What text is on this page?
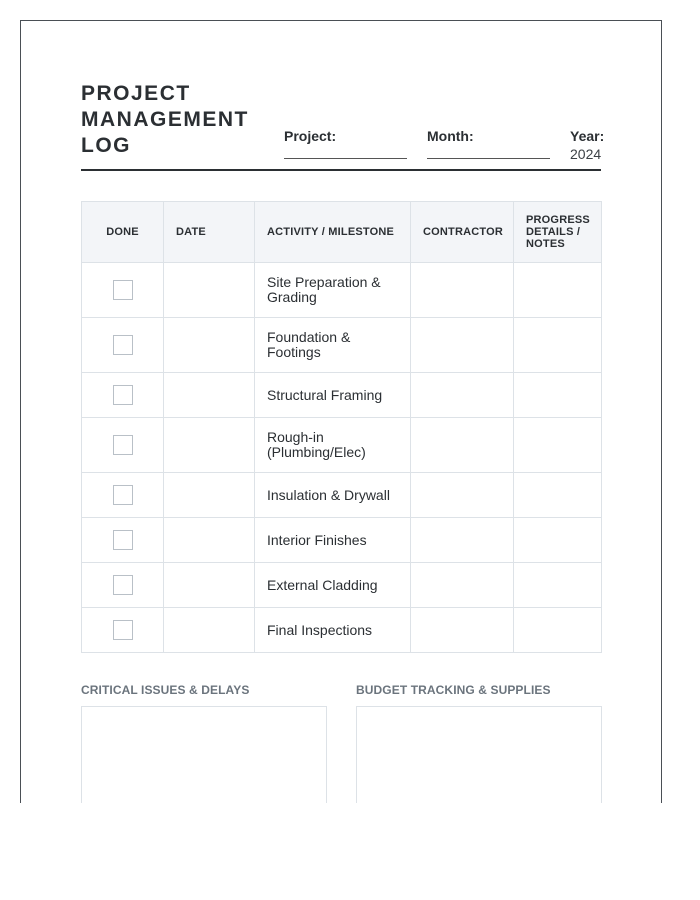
PROJECT
MANAGEMENT
LOG	Project:	Month:	Year:
2024
DONE	DATE	ACTIVITY / MILESTONE	CONTRACTOR	PROGRESS DETAILS / NOTES
		Site Preparation & Grading		
		Foundation & Footings		
		Structural Framing		
		Rough-in (Plumbing/Elec)		
		Insulation & Drywall		
		Interior Finishes		
		External Cladding		
		Final Inspections		
CRITICAL ISSUES & DELAYS	BUDGET TRACKING & SUPPLIES
